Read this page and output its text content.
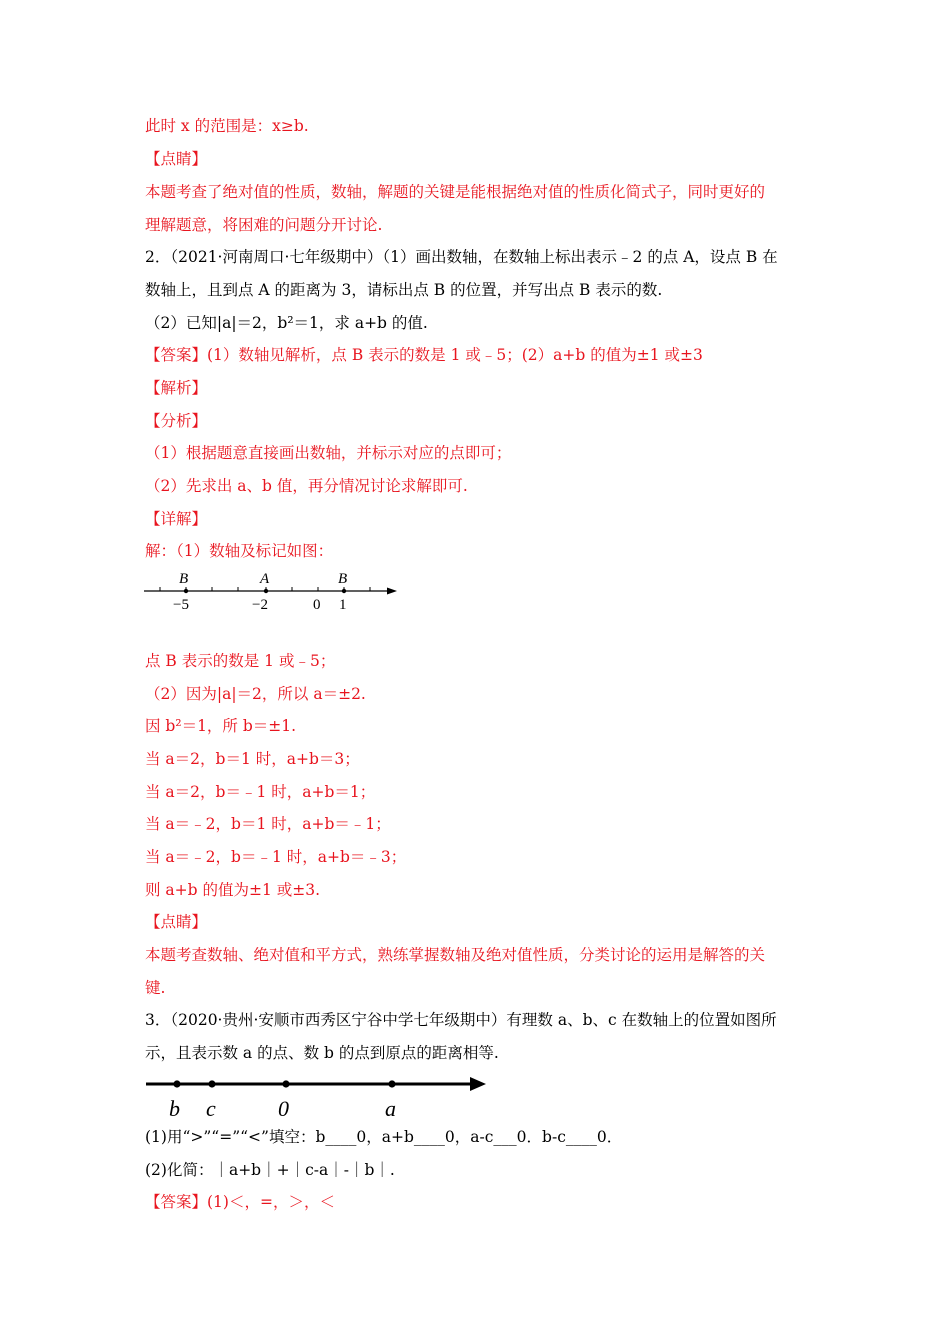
此时 x 的范围是：x≥b.
【点睛】
本题考查了绝对值的性质，数轴，解题的关键是能根据绝对值的性质化简式子，同时更好的
理解题意，将困难的问题分开讨论.
2．（2021·河南周口·七年级期中）（1）画出数轴，在数轴上标出表示﹣2 的点 A，设点 B 在
数轴上，且到点 A 的距离为 3，请标出点 B 的位置，并写出点 B 表示的数.
（2）已知|a|＝2，b²＝1，求 a+b 的值.
【答案】(1）数轴见解析，点 B 表示的数是 1 或﹣5；(2）a+b 的值为±1 或±3
【解析】
【分析】
（1）根据题意直接画出数轴，并标示对应的点即可；
（2）先求出 a、b 值，再分情况讨论求解即可.
【详解】
解：（1）数轴及标记如图：
B	A	B
−5	−2	0 1
点 B 表示的数是 1 或﹣5；
（2）因为|a|＝2，所以 a＝±2.
因 b²＝1，所 b＝±1.
当 a＝2，b＝1 时，a+b＝3；
当 a＝2，b＝﹣1 时，a+b＝1；
当 a＝﹣2，b＝1 时，a+b＝﹣1；
当 a＝﹣2，b＝﹣1 时，a+b＝﹣3；
则 a+b 的值为±1 或±3.
【点睛】
本题考查数轴、绝对值和平方式，熟练掌握数轴及绝对值性质，分类讨论的运用是解答的关
键.
3．（2020·贵州·安顺市西秀区宁谷中学七年级期中）有理数 a、b、c 在数轴上的位置如图所
示，且表示数 a 的点、数 b 的点到原点的距离相等.
b c	0	a
(1)用“>”“=”“<”填空：b____0，a+b____0，a-c___0．b-c____0．
(2)化简：｜a+b｜+｜c-a｜-｜b｜.
【答案】(1)＜，=，＞，＜
